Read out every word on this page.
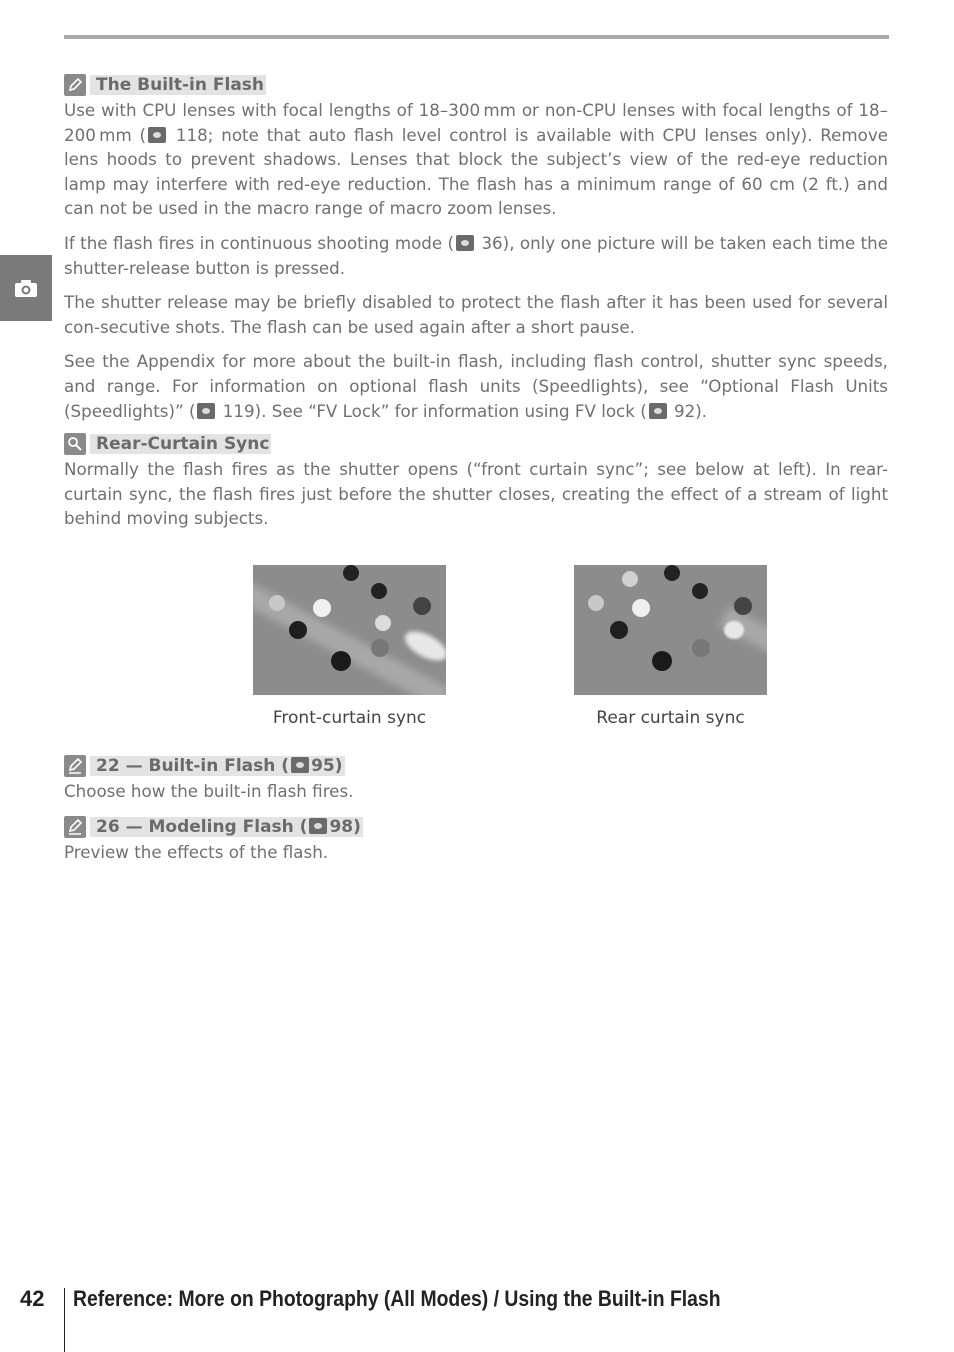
The Built-in Flash

Use with CPU lenses with focal lengths of 18–300 mm or non-CPU lenses with focal lengths of 18–200 mm ( 118; note that auto flash level control is available with CPU lenses only). Remove lens hoods to prevent shadows. Lenses that block the subject’s view of the red-eye reduction lamp may interfere with red-eye reduction. The flash has a minimum range of 60 cm (2 ft.) and can not be used in the macro range of macro zoom lenses.

If the flash fires in continuous shooting mode ( 36), only one picture will be taken each time the shutter-release button is pressed.

The shutter release may be briefly disabled to protect the flash after it has been used for several con-secutive shots. The flash can be used again after a short pause.

See the Appendix for more about the built-in flash, including flash control, shutter sync speeds, and range. For information on optional flash units (Speedlights), see “Optional Flash Units (Speedlights)” ( 119). See “FV Lock” for information using FV lock ( 92).

Rear-Curtain Sync

Normally the flash fires as the shutter opens (“front curtain sync”; see below at left). In rear-curtain sync, the flash fires just before the shutter closes, creating the effect of a stream of light behind moving subjects.

Front-curtain sync	Rear curtain sync
22 — Built-in Flash ( 95)

Choose how the built-in flash fires.

26 — Modeling Flash ( 98)

Preview the effects of the flash.

42 Reference: More on Photography (All Modes) / Using the Built-in Flash
